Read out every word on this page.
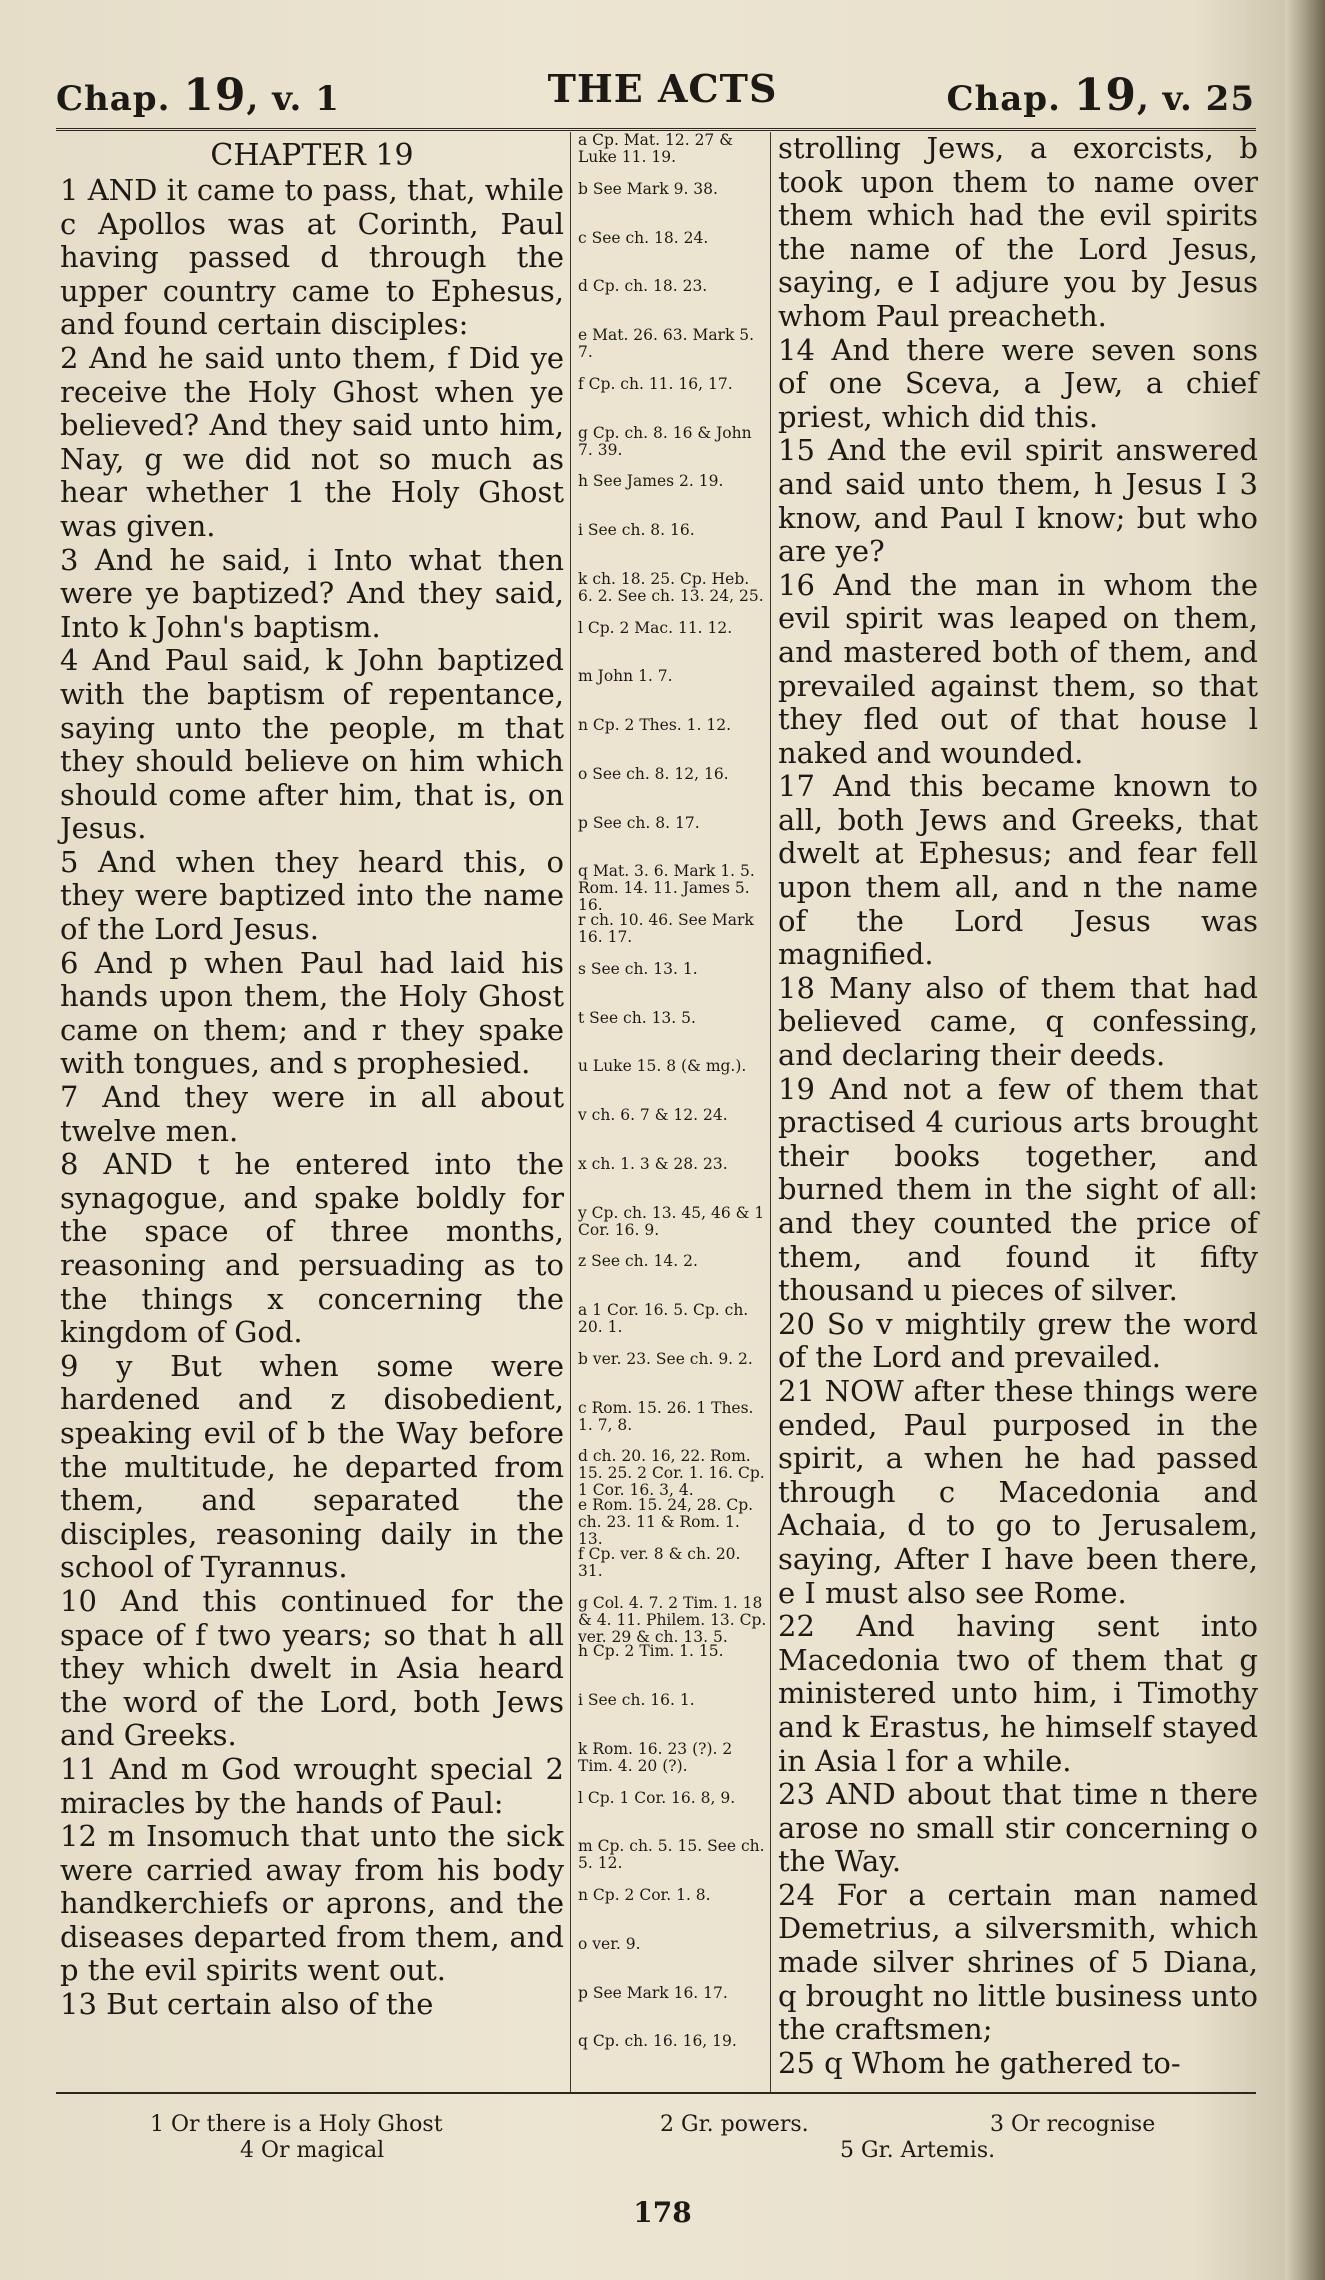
Chap. 19, v. 1	THE ACTS	Chap. 19, v. 25
CHAPTER 19

1 AND it came to pass, that, while c Apollos was at Corinth, Paul having passed d through the upper country came to Ephesus, and found certain disciples:

2 And he said unto them, f Did ye receive the Holy Ghost when ye believed? And they said unto him, Nay, g we did not so much as hear whether 1 the Holy Ghost was given.

3 And he said, i Into what then were ye baptized? And they said, Into k John's baptism.

4 And Paul said, k John baptized with the baptism of repentance, saying unto the people, m that they should believe on him which should come after him, that is, on Jesus.

5 And when they heard this, o they were baptized into the name of the Lord Jesus.

6 And p when Paul had laid his hands upon them, the Holy Ghost came on them; and r they spake with tongues, and s prophesied.

7 And they were in all about twelve men.

8 AND t he entered into the synagogue, and spake boldly for the space of three months, reasoning and persuading as to the things x concerning the kingdom of God.

9 y But when some were hardened and z disobedient, speaking evil of b the Way before the multitude, he departed from them, and separated the disciples, reasoning daily in the school of Tyrannus.

10 And this continued for the space of f two years; so that h all they which dwelt in Asia heard the word of the Lord, both Jews and Greeks.

11 And m God wrought special 2 miracles by the hands of Paul:

12 m Insomuch that unto the sick were carried away from his body handkerchiefs or aprons, and the diseases departed from them, and p the evil spirits went out.

13 But certain also of the

a Cp. Mat. 12. 27 & Luke 11. 19.
b See Mark 9. 38.
c See ch. 18. 24.
d Cp. ch. 18. 23.
e Mat. 26. 63. Mark 5. 7.
f Cp. ch. 11. 16, 17.
g Cp. ch. 8. 16 & John 7. 39.
h See James 2. 19.
i See ch. 8. 16.
k ch. 18. 25. Cp. Heb. 6. 2. See ch. 13. 24, 25.
l Cp. 2 Mac. 11. 12.
m John 1. 7.
n Cp. 2 Thes. 1. 12.
o See ch. 8. 12, 16.
p See ch. 8. 17.
q Mat. 3. 6. Mark 1. 5. Rom. 14. 11. James 5. 16.
r ch. 10. 46. See Mark 16. 17.
s See ch. 13. 1.
t See ch. 13. 5.
u Luke 15. 8 (& mg.).
v ch. 6. 7 & 12. 24.
x ch. 1. 3 & 28. 23.
y Cp. ch. 13. 45, 46 & 1 Cor. 16. 9.
z See ch. 14. 2.
a 1 Cor. 16. 5. Cp. ch. 20. 1.
b ver. 23. See ch. 9. 2.
c Rom. 15. 26. 1 Thes. 1. 7, 8.
d ch. 20. 16, 22. Rom. 15. 25. 2 Cor. 1. 16. Cp. 1 Cor. 16. 3, 4.
e Rom. 15. 24, 28. Cp. ch. 23. 11 & Rom. 1. 13.
f Cp. ver. 8 & ch. 20. 31.
g Col. 4. 7. 2 Tim. 1. 18 & 4. 11. Philem. 13. Cp. ver. 29 & ch. 13. 5.
h Cp. 2 Tim. 1. 15.
i See ch. 16. 1.
k Rom. 16. 23 (?). 2 Tim. 4. 20 (?).
l Cp. 1 Cor. 16. 8, 9.
m Cp. ch. 5. 15. See ch. 5. 12.
n Cp. 2 Cor. 1. 8.
o ver. 9.
p See Mark 16. 17.
q Cp. ch. 16. 16, 19.

strolling Jews, a exorcists, b took upon them to name over them which had the evil spirits the name of the Lord Jesus, saying, e I adjure you by Jesus whom Paul preacheth.

14 And there were seven sons of one Sceva, a Jew, a chief priest, which did this.

15 And the evil spirit answered and said unto them, h Jesus I 3 know, and Paul I know; but who are ye?

16 And the man in whom the evil spirit was leaped on them, and mastered both of them, and prevailed against them, so that they fled out of that house l naked and wounded.

17 And this became known to all, both Jews and Greeks, that dwelt at Ephesus; and fear fell upon them all, and n the name of the Lord Jesus was magnified.

18 Many also of them that had believed came, q confessing, and declaring their deeds.

19 And not a few of them that practised 4 curious arts brought their books together, and burned them in the sight of all: and they counted the price of them, and found it fifty thousand u pieces of silver.

20 So v mightily grew the word of the Lord and prevailed.

21 NOW after these things were ended, Paul purposed in the spirit, a when he had passed through c Macedonia and Achaia, d to go to Jerusalem, saying, After I have been there, e I must also see Rome.

22 And having sent into Macedonia two of them that g ministered unto him, i Timothy and k Erastus, he himself stayed in Asia l for a while.

23 AND about that time n there arose no small stir concerning o the Way.

24 For a certain man named Demetrius, a silversmith, which made silver shrines of 5 Diana, q brought no little business unto the craftsmen;

25 q Whom he gathered to-

1 Or there is a Holy Ghost
4 Or magical
2 Gr. powers.	3 Or recognise
5 Gr. Artemis.
178
